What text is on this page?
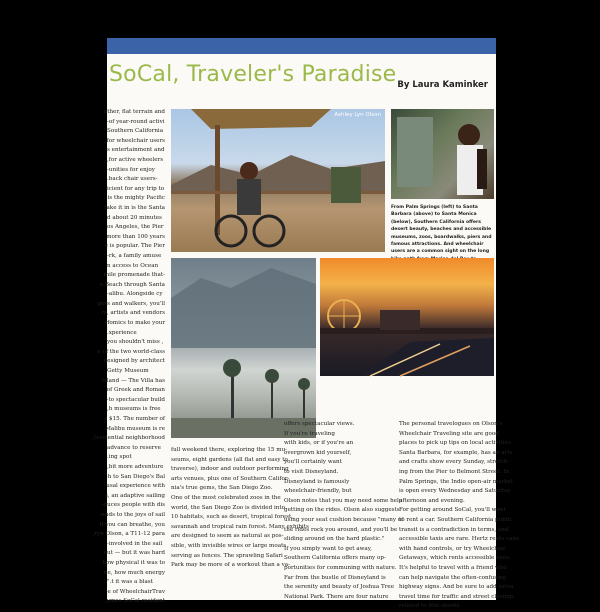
SoCal, Traveler's Paradise By Laura Kaminker
ather, flat terrain and
of year-round activi-
Southern California
for wheelchair users.
s entertainment and
for active wheelers,
unities for enjoy-
-back chair users.
icient for any trip to
is the mighty Pacific,
take it in is the Santa
d about 20 minutes
os Angeles, the Pier
more than 100 years,
e is popular. The Pier
rk, a family amuse-
n access to Ocean
-mile promenade that
e Beach through Santa
alibu. Alongside cy-
gers and walkers, you'll
rs, artists and vendors
rfomics to make your
xperience.
, you shouldn't miss
e of the two world-class
designed by architect
Getty Museum
Island — The Villa has
of Greek and Roman
to spectacular build-
h museums is free,
s $15. The number of
Malibu museum is re-
esidential neighborhood),
advance to reserve
ing spot.
bit more adventure,
h to San Diego's Bal-
usal experience with
s, an adaptive sailing
duces people with dis-
ends to the joys of sail-
If you can breathe, you
ryn Olson, a T11-12 para,
involved in the sail-
out — but it was hard
how physical it was to
ne, how much energy
t it was a blast."
e of WheelchairTrav-
ymes SoCal resident,
Ashley Lyn Olson
From Palm Springs (left) to Santa Barbara (above) to Santa Monica (below), Southern California offers desert beauty, beaches and accessible museums, zoos, boardwalks, piers and famous attractions. And wheelchair users are a common sight on the long
full weekend there, exploring the 15 mu-
seums, eight gardens (all flat and easy to
traverse), indoor and outdoor performing
arts venues, plus one of Southern Califor-
nia's true gems, the San Diego Zoo.
One of the most celebrated zoos in the
world, the San Diego Zoo is divided into
10 habitats, such as desert, tropical forest,
savannah and tropical rain forest. Many exhibits
are designed to seem as natural as pos-
sible, with invisible wires or large moats
serving as fences. The sprawling Safari
Park may be more of a workout than a va-
offers spectacular views.
If you're traveling
with kids, or if you're an
overgrown kid yourself,
you'll certainly want
to visit Disneyland.
Disneyland is famously
wheelchair-friendly, but
Olson notes that you may need some help
getting on the rides. Olson also suggests
using your seat cushion because "many of
the rides rock you around, and you'll be
sliding around on the hard plastic."
If you simply want to get away,
Southern California offers many op-
portunities for communing with nature.
Far from the bustle of Disneyland is
the serenity and beauty of Joshua Tree
National Park. There are four nature
The personal travelogues on Olson's
Wheelchair Traveling site are good
places to pick up tips on local activities.
Santa Barbara, for example, has an arts
and crafts show every Sunday, stretch-
ing from the Pier to Belmont Street. In
Palm Springs, the Indio open-air market
is open every Wednesday and Saturday
afternoon and evening.
For getting around SoCal, you'll want
to rent a car. Southern California public
transit is a contradiction in terms, and
accessible taxis are rare. Hertz rents vans
with hand controls, or try Wheelchair
Getaways, which rents accessible vans.
It's helpful to travel with a friend who
can help navigate the often-confusing
highway signs. And be sure to add extra
travel time for traffic and street closings
related to film shoots.
